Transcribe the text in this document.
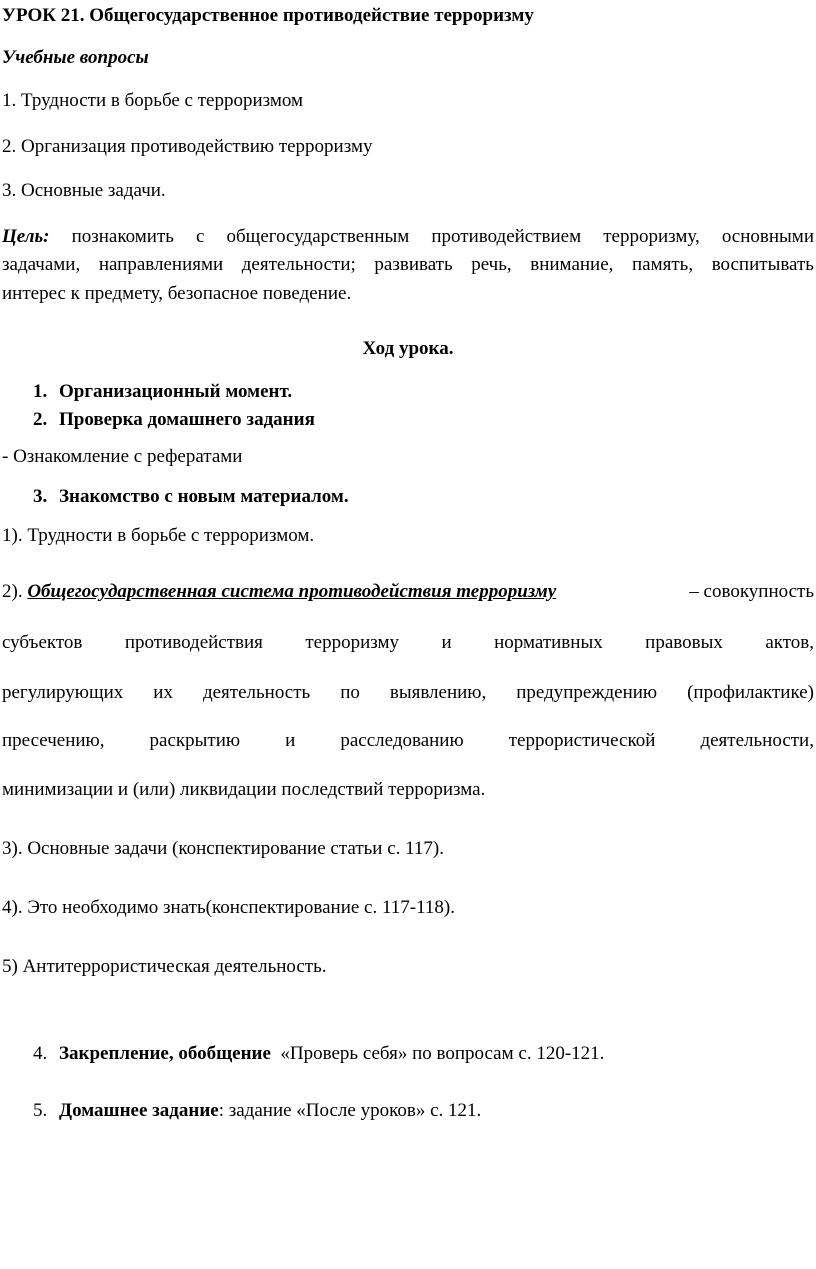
УРОК 21. Общегосударственное противодействие терроризму
Учебные вопросы
1. Трудности в борьбе с терроризмом
2. Организация противодействию терроризму
3. Основные задачи.
Цель: познакомить с общегосударственным противодействием терроризму, основными
задачами, направлениями деятельности; развивать речь, внимание, память, воспитывать
интерес к предмету, безопасное поведение.
Ход урока.
1. Организационный момент.
2. Проверка домашнего задания
- Ознакомление с рефератами
3. Знакомство с новым материалом.
1). Трудности в борьбе с терроризмом.
2). Общегосударственная система противодействия терроризму	– совокупность
субъектов противодействия терроризму и нормативных правовых актов,
регулирующих их деятельность по выявлению, предупреждению (профилактике)
пресечению, раскрытию и расследованию террористической деятельности,
минимизации и (или) ликвидации последствий терроризма.
3). Основные задачи (конспектирование статьи с. 117).
4). Это необходимо знать(конспектирование с. 117-118).
5) Антитеррористическая деятельность.
4. Закрепление, обобщение  «Проверь себя» по вопросам с. 120-121.
5. Домашнее задание: задание «После уроков» с. 121.
